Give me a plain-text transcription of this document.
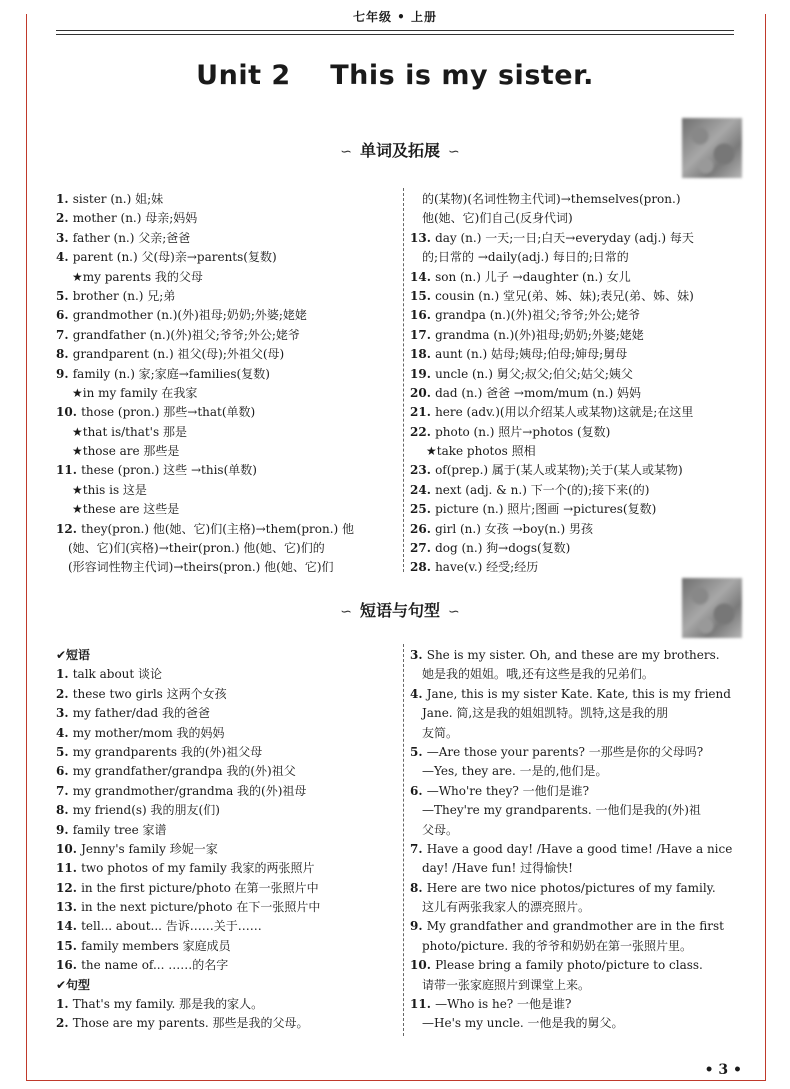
七年级 • 上册
Unit 2    This is my sister.
∽ 单词及拓展 ∽
1. sister (n.) 姐;妹
2. mother (n.) 母亲;妈妈
3. father (n.) 父亲;爸爸
4. parent (n.) 父(母)亲→parents(复数)
★my parents 我的父母
5. brother (n.) 兄;弟
6. grandmother (n.)(外)祖母;奶奶;外婆;姥姥
7. grandfather (n.)(外)祖父;爷爷;外公;姥爷
8. grandparent (n.) 祖父(母);外祖父(母)
9. family (n.) 家;家庭→families(复数)
★in my family 在我家
10. those (pron.) 那些→that(单数)
★that is/that's 那是
★those are 那些是
11. these (pron.) 这些 →this(单数)
★this is 这是
★these are 这些是
12. they(pron.) 他(她、它)们(主格)→them(pron.) 他
(她、它)们(宾格)→their(pron.) 他(她、它)们的
(形容词性物主代词)→theirs(pron.) 他(她、它)们
的(某物)(名词性物主代词)→themselves(pron.)
他(她、它)们自己(反身代词)
13. day (n.) 一天;一日;白天→everyday (adj.) 每天
的;日常的 →daily(adj.) 每日的;日常的
14. son (n.) 儿子 →daughter (n.) 女儿
15. cousin (n.) 堂兄(弟、姊、妹);表兄(弟、姊、妹)
16. grandpa (n.)(外)祖父;爷爷;外公;姥爷
17. grandma (n.)(外)祖母;奶奶;外婆;姥姥
18. aunt (n.) 姑母;姨母;伯母;婶母;舅母
19. uncle (n.) 舅父;叔父;伯父;姑父;姨父
20. dad (n.) 爸爸 →mom/mum (n.) 妈妈
21. here (adv.)(用以介绍某人或某物)这就是;在这里
22. photo (n.) 照片→photos (复数)
★take photos 照相
23. of(prep.) 属于(某人或某物);关于(某人或某物)
24. next (adj. & n.) 下一个(的);接下来(的)
25. picture (n.) 照片;图画 →pictures(复数)
26. girl (n.) 女孩 →boy(n.) 男孩
27. dog (n.) 狗→dogs(复数)
28. have(v.) 经受;经历
∽ 短语与句型 ∽
✔短语
1. talk about 谈论
2. these two girls 这两个女孩
3. my father/dad 我的爸爸
4. my mother/mom 我的妈妈
5. my grandparents 我的(外)祖父母
6. my grandfather/grandpa 我的(外)祖父
7. my grandmother/grandma 我的(外)祖母
8. my friend(s) 我的朋友(们)
9. family tree 家谱
10. Jenny's family 珍妮一家
11. two photos of my family 我家的两张照片
12. in the first picture/photo 在第一张照片中
13. in the next picture/photo 在下一张照片中
14. tell... about... 告诉……关于……
15. family members 家庭成员
16. the name of... ……的名字
✔句型
1. That's my family. 那是我的家人。
2. Those are my parents. 那些是我的父母。
3. She is my sister. Oh, and these are my brothers.
她是我的姐姐。哦,还有这些是我的兄弟们。
4. Jane, this is my sister Kate. Kate, this is my friend
Jane. 简,这是我的姐姐凯特。凯特,这是我的朋
友简。
5. —Are those your parents? 一那些是你的父母吗?
—Yes, they are. 一是的,他们是。
6. —Who're they? 一他们是谁?
—They're my grandparents. 一他们是我的(外)祖
父母。
7. Have a good day! /Have a good time! /Have a nice
day! /Have fun! 过得愉快!
8. Here are two nice photos/pictures of my family.
这儿有两张我家人的漂亮照片。
9. My grandfather and grandmother are in the first
photo/picture. 我的爷爷和奶奶在第一张照片里。
10. Please bring a family photo/picture to class.
请带一张家庭照片到课堂上来。
11. —Who is he? 一他是谁?
—He's my uncle. 一他是我的舅父。
• 3 •
